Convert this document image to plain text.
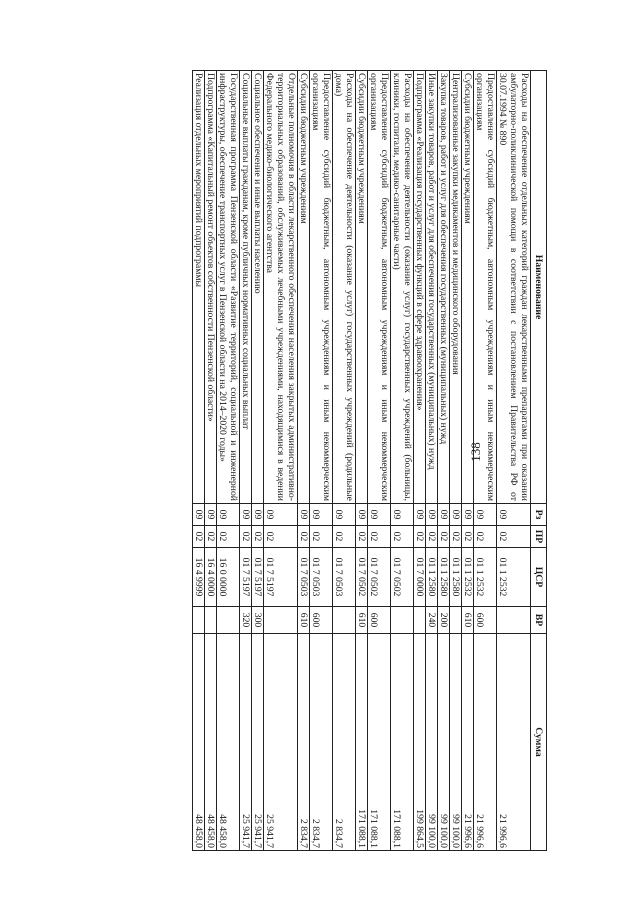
138
Наименование	Рз	ПР	ЦСР	ВР	Сумма
Расходы на обеспечение отдельных категорий граждан лекарственными препаратами при оказании амбулаторно-поликлинической помощи в соответствии с постановлением Правительства РФ от 30.07.1994 № 890	09	02	01 1 2532		21 996,6
Предоставление субсидий бюджетным, автономным учреждениям и иным некоммерческим организациям	09	02	01 1 2532	600	21 996,6
Субсидии бюджетным учреждениям	09	02	01 1 2532	610	21 996,6
Централизованные закупки медикаментов и медицинского оборудования	09	02	01 1 2580		99 100,0
Закупка товаров, работ и услуг для обеспечения государственных (муниципальных) нужд	09	02	01 1 2580	200	99 100,0
Иные закупки товаров, работ и услуг для обеспечения государственных (муниципальных) нужд	09	02	01 1 2580	240	99 100,0
Подпрограмма «Реализация государственных функций в сфере здравоохранения»	09	02	01 7 0000		199 864,5
Расходы на обеспечение деятельности (оказание услуг) государственных учреждений (больницы, клиники, госпитали, медико-санитарные части)	09	02	01 7 0502		171 088,1
Предоставление субсидий бюджетным, автономным учреждениям и иным некоммерческим организациям	09	02	01 7 0502	600	171 088,1
Субсидии бюджетным учреждениям	09	02	01 7 0502	610	171 088,1
Расходы на обеспечение деятельности (оказание услуг) государственных учреждений (родильные дома)	09	02	01 7 0503		2 834,7
Предоставление субсидий бюджетным, автономным учреждениям и иным некоммерческим организациям	09	02	01 7 0503	600	2 834,7
Субсидии бюджетным учреждениям	09	02	01 7 0503	610	2 834,7
Отдельные полномочия в области лекарственного обеспечения населения закрытых административно-территориальных образований, обслуживаемых лечебными учреждениями, находящимися в ведении Федерального медико-биологического агентства	09	02	01 7 5197		25 941,7
Социальное обеспечение и иные выплаты населению	09	02	01 7 5197	300	25 941,7
Социальные выплаты гражданам, кроме публичных нормативных социальных выплат	09	02	01 7 5197	320	25 941,7
Государственная программа Пензенской области «Развитие территорий, социальной и инженерной инфраструктуры, обеспечение транспортных услуг в Пензенской области на 2014–2020 годы»	09	02	16 0 0000		48 458,0
Подпрограмма «Капитальный ремонт объектов собственности Пензенской области»	09	02	16 4 0000		48 458,0
Реализация отдельных мероприятий подпрограммы	09	02	16 4 9999		48 458,0
